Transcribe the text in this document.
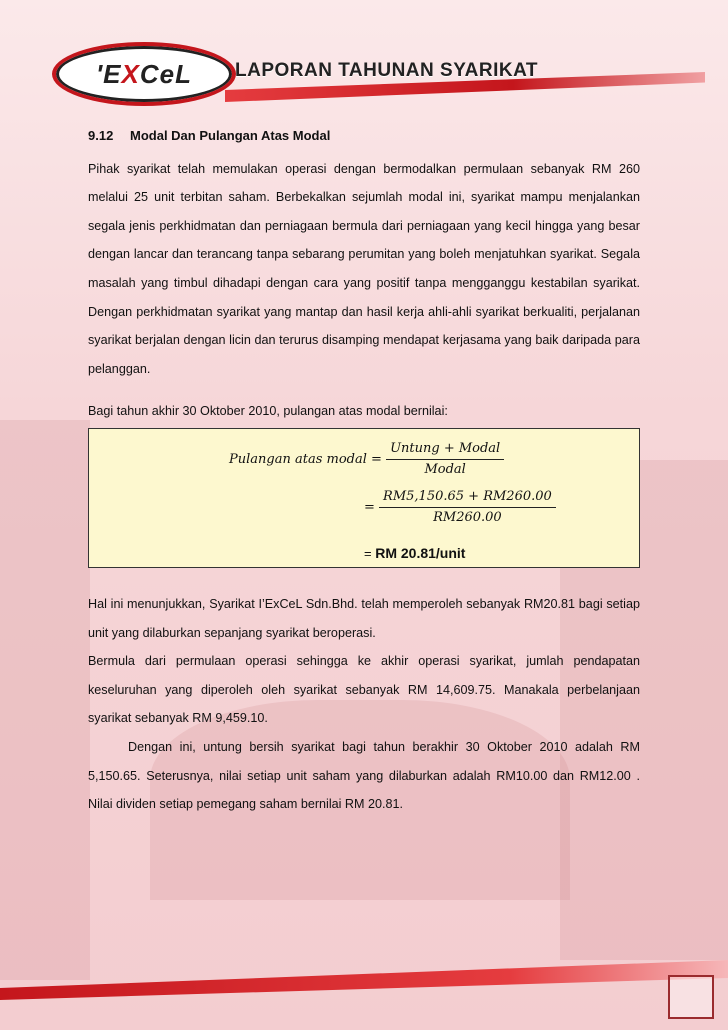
'E X CeL LAPORAN TAHUNAN SYARIKAT
9.12 Modal Dan Pulangan Atas Modal

Pihak syarikat telah memulakan operasi dengan bermodalkan permulaan sebanyak RM 260 melalui 25 unit terbitan saham. Berbekalkan sejumlah modal ini, syarikat mampu menjalankan segala jenis perkhidmatan dan perniagaan bermula dari perniagaan yang kecil hingga yang besar dengan lancar dan terancang tanpa sebarang perumitan yang boleh menjatuhkan syarikat. Segala masalah yang timbul dihadapi dengan cara yang positif tanpa mengganggu kestabilan syarikat. Dengan perkhidmatan syarikat yang mantap dan hasil kerja ahli-ahli syarikat berkualiti, perjalanan syarikat berjalan dengan licin dan terurus disamping mendapat kerjasama yang baik daripada para pelanggan.

Bagi tahun akhir 30 Oktober 2010, pulangan atas modal bernilai:

Pulangan atas modal = $\frac{\text{Untung + Modal}}{\text{Modal}}$
= $\frac{RM5,150.65 + RM260.00}{RM260.00}$
= RM 20.81/unit

Hal ini menunjukkan, Syarikat I’ExCeL Sdn.Bhd. telah memperoleh sebanyak RM20.81 bagi setiap unit yang dilaburkan sepanjang syarikat beroperasi.

Bermula dari permulaan operasi sehingga ke akhir operasi syarikat, jumlah pendapatan keseluruhan yang diperoleh oleh syarikat sebanyak RM 14,609.75. Manakala perbelanjaan syarikat sebanyak RM 9,459.10.

Dengan ini, untung bersih syarikat bagi tahun berakhir 30 Oktober 2010 adalah RM 5,150.65. Seterusnya, nilai setiap unit saham yang dilaburkan adalah RM10.00 dan RM12.00 . Nilai dividen setiap pemegang saham bernilai RM 20.81.
